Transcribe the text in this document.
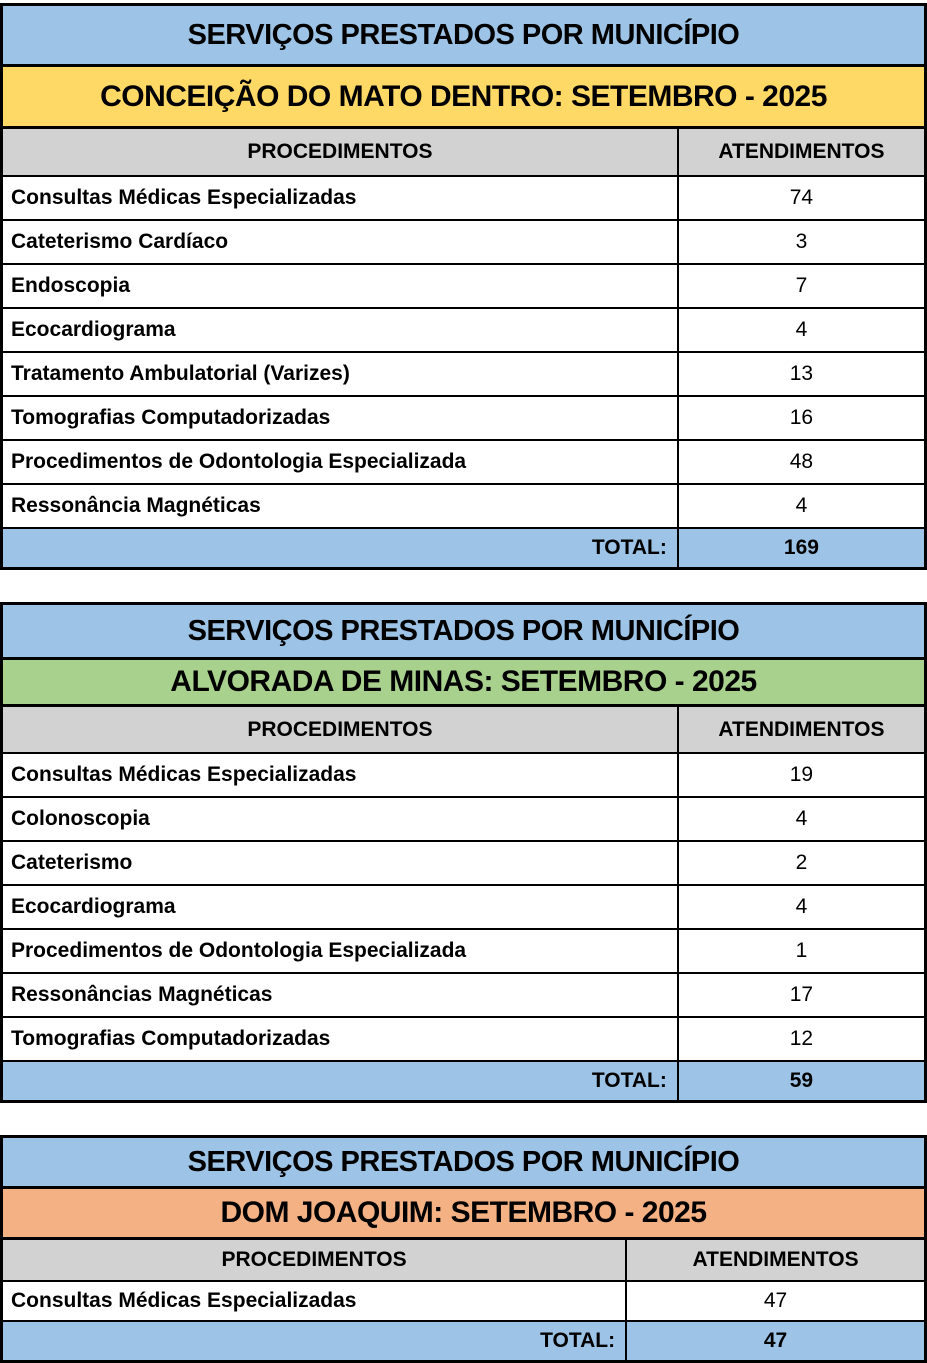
SERVIÇOS PRESTADOS POR MUNICÍPIO	
CONCEIÇÃO DO MATO DENTRO: SETEMBRO - 2025	
PROCEDIMENTOS	ATENDIMENTOS
Consultas Médicas Especializadas	74
Cateterismo Cardíaco	3
Endoscopia	7
Ecocardiograma	4
Tratamento Ambulatorial (Varizes)	13
Tomografias Computadorizadas	16
Procedimentos de Odontologia Especializada	48
Ressonância Magnéticas	4
TOTAL:	169
SERVIÇOS PRESTADOS POR MUNICÍPIO	
ALVORADA DE MINAS: SETEMBRO - 2025	
PROCEDIMENTOS	ATENDIMENTOS
Consultas Médicas Especializadas	19
Colonoscopia	4
Cateterismo	2
Ecocardiograma	4
Procedimentos de Odontologia Especializada	1
Ressonâncias Magnéticas	17
Tomografias Computadorizadas	12
TOTAL:	59
SERVIÇOS PRESTADOS POR MUNICÍPIO	
DOM JOAQUIM: SETEMBRO - 2025	
PROCEDIMENTOS	ATENDIMENTOS
Consultas Médicas Especializadas	47
TOTAL:	47
